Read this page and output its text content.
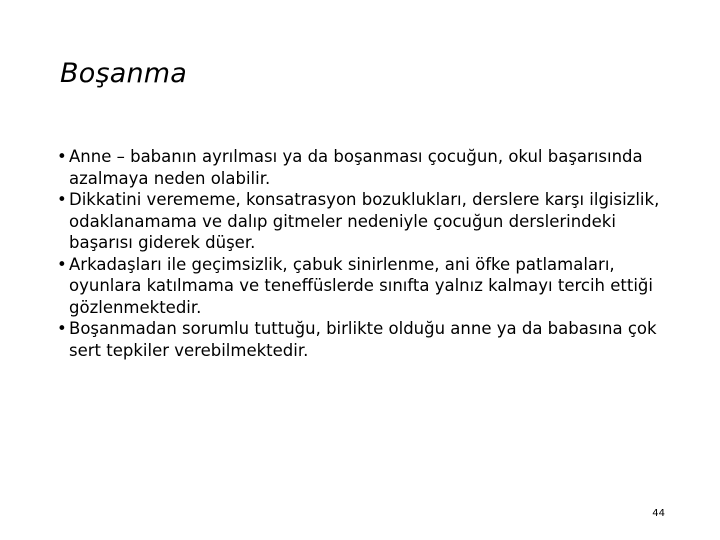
Boşanma
• Anne – babanın ayrılması ya da boşanması çocuğun, okul başarısında azalmaya neden olabilir.
• Dikkatini verememe, konsatrasyon bozuklukları, derslere karşı ilgisizlik, odaklanamama ve dalıp gitmeler nedeniyle çocuğun derslerindeki başarısı giderek düşer.
• Arkadaşları ile geçimsizlik, çabuk sinirlenme, ani öfke patlamaları, oyunlara katılmama ve teneffüslerde sınıfta yalnız kalmayı tercih ettiği gözlenmektedir.
• Boşanmadan sorumlu tuttuğu, birlikte olduğu anne ya da babasına çok sert tepkiler verebilmektedir.
44
